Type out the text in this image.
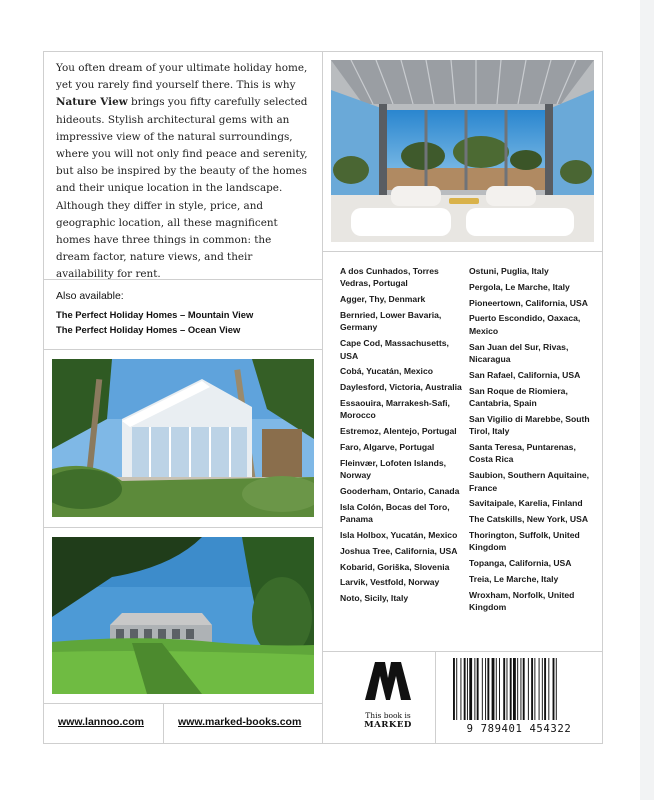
You often dream of your ultimate holiday home, yet you rarely find yourself there. This is why Nature View brings you fifty carefully selected hideouts. Stylish architectural gems with an impressive view of the natural surroundings, where you will not only find peace and serenity, but also be inspired by the beauty of the homes and their unique location in the landscape. Although they differ in style, price, and geographic location, all these magnificent homes have three things in common: the dream factor, nature views, and their availability for rent.
Also available:
The Perfect Holiday Homes – Mountain View
The Perfect Holiday Homes – Ocean View
A dos Cunhados, Torres Vedras, Portugal
Agger, Thy, Denmark
Bernried, Lower Bavaria, Germany
Cape Cod, Massachusetts, USA
Cobá, Yucatán, Mexico
Daylesford, Victoria, Australia
Essaouira, Marrakesh-Safi, Morocco
Estremoz, Alentejo, Portugal
Faro, Algarve, Portugal
Fleinvær, Lofoten Islands, Norway
Gooderham, Ontario, Canada
Isla Colón, Bocas del Toro, Panama
Isla Holbox, Yucatán, Mexico
Joshua Tree, California, USA
Kobarid, Goriška, Slovenia
Larvik, Vestfold, Norway
Noto, Sicily, Italy
Ostuni, Puglia, Italy
Pergola, Le Marche, Italy
Pioneertown, California, USA
Puerto Escondido, Oaxaca, Mexico
San Juan del Sur, Rivas, Nicaragua
San Rafael, California, USA
San Roque de Riomiera, Cantabria, Spain
San Vigilio di Marebbe, South Tirol, Italy
Santa Teresa, Puntarenas, Costa Rica
Saubion, Southern Aquitaine, France
Savitaipale, Karelia, Finland
The Catskills, New York, USA
Thorington, Suffolk, United Kingdom
Topanga, California, USA
Treia, Le Marche, Italy
Wroxham, Norfolk, United Kingdom
www.lannoo.com	www.marked-books.com
This book is
MARKED	9 789401 454322
